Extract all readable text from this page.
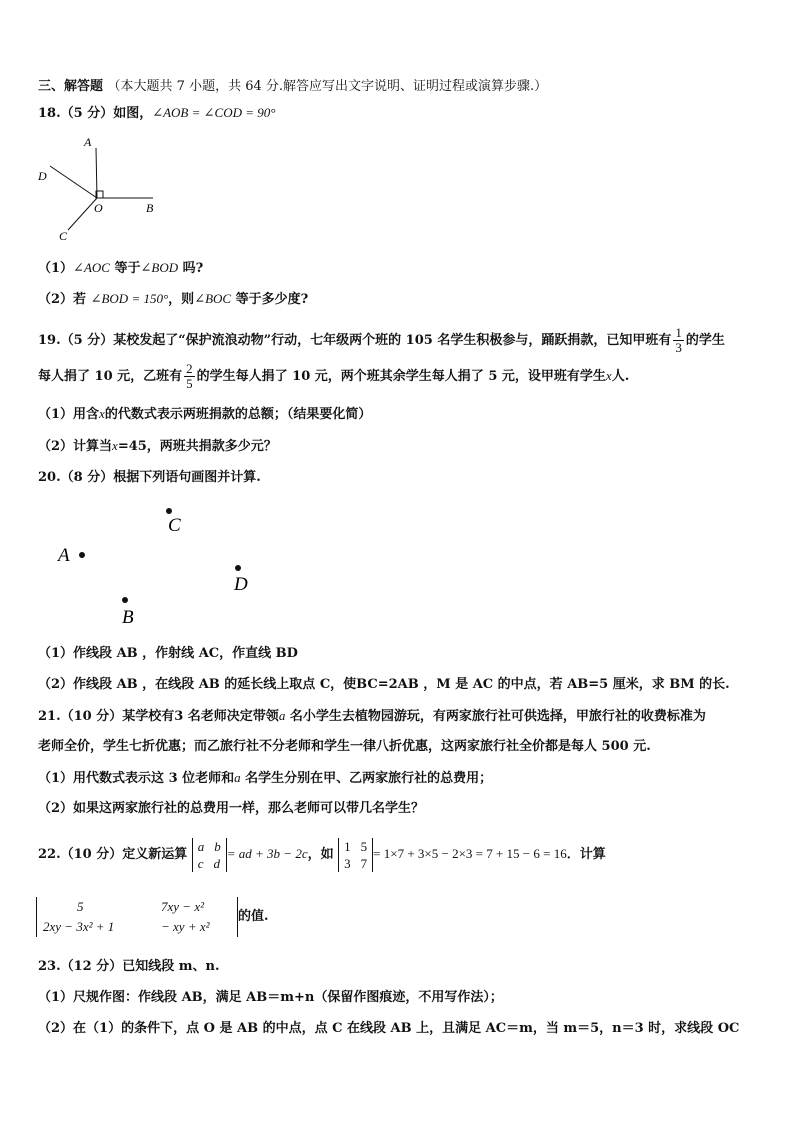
三、解答题 （本大题共 7 小题，共 64 分.解答应写出文字说明、证明过程或演算步骤.）
18.（5 分）如图，∠AOB = ∠COD = 90°
A
D
O	B
C
（1）∠AOC 等于∠BOD 吗?
（2）若 ∠BOD = 150°，则∠BOC 等于多少度?
19.（5 分）某校发起了“保护流浪动物”行动，七年级两个班的 105 名学生积极参与，踊跃捐款，已知甲班有 $\frac{1}{3}$ 的学生
每人捐了 10 元，乙班有 $\frac{2}{5}$ 的学生每人捐了 10 元，两个班其余学生每人捐了 5 元，设甲班有学生x人.
（1）用含x的代数式表示两班捐款的总额；（结果要化简）
（2）计算当x=45，两班共捐款多少元？
20.（8 分）根据下列语句画图并计算.
C
A
D
B
（1）作线段 AB ，作射线 AC，作直线 BD
（2）作线段 AB ，在线段 AB 的延长线上取点 C，使BC=2AB ，M 是 AC 的中点，若 AB=5 厘米，求 BM 的长.
21.（10 分）某学校有3 名老师决定带领a 名小学生去植物园游玩，有两家旅行社可供选择，甲旅行社的收费标准为
老师全价，学生七折优惠；而乙旅行社不分老师和学生一律八折优惠，这两家旅行社全价都是每人 500 元.
（1）用代数式表示这 3 位老师和a 名学生分别在甲、乙两家旅行社的总费用；
（2）如果这两家旅行社的总费用一样，那么老师可以带几名学生？
22.（10 分）定义新运算
a b
c d
= ad + 3b − 2c，如
1 5
3 7
= 1×7 + 3×5 − 2×3 = 7 + 15 − 6 = 16．计算
5	7xy − x²
2xy − 3x² + 1	− xy + x²
的值.
23.（12 分）已知线段 m、n.
（1）尺规作图：作线段 AB，满足 AB＝m+n（保留作图痕迹，不用写作法）；
（2）在（1）的条件下，点 O 是 AB 的中点，点 C 在线段 AB 上，且满足 AC＝m，当 m＝5，n＝3 时，求线段 OC
